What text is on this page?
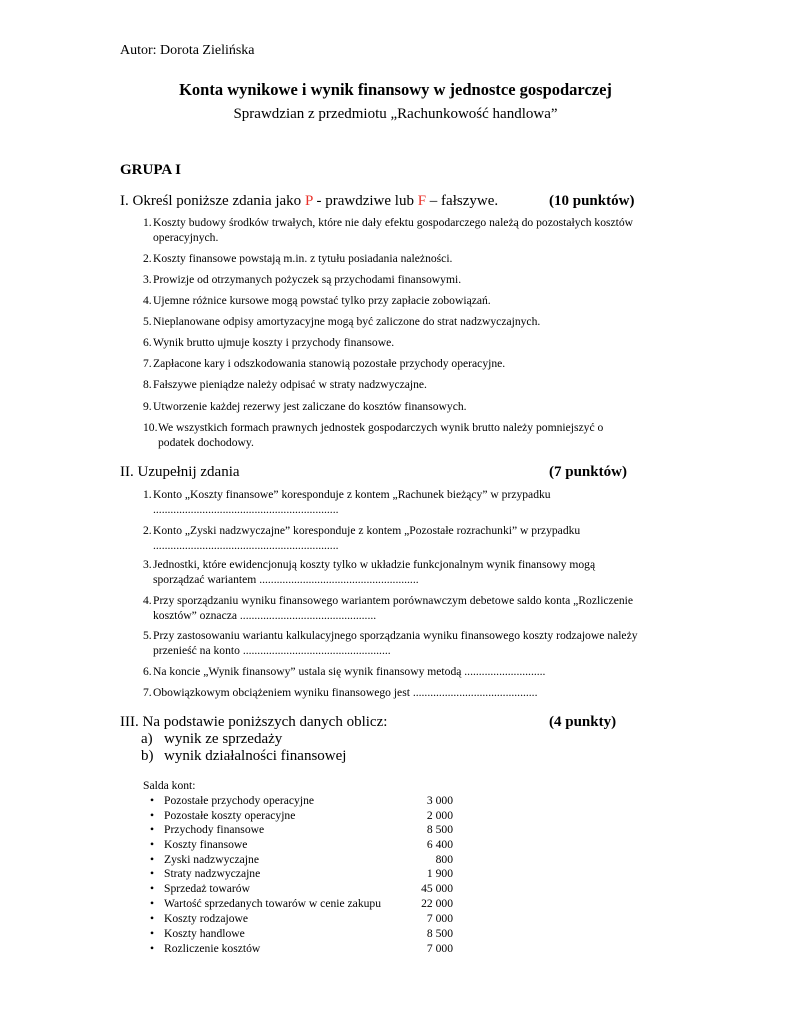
Autor: Dorota Zielińska
Konta wynikowe i wynik finansowy w jednostce gospodarczej
Sprawdzian z przedmiotu „Rachunkowość handlowa”
GRUPA I
I. Określ poniższe zdania jako P - prawdziwe lub F – fałszywe.	(10 punktów)
1. Koszty budowy środków trwałych, które nie dały efektu gospodarczego należą do pozostałych kosztów
operacyjnych.
2. Koszty finansowe powstają m.in. z tytułu posiadania należności.
3. Prowizje od otrzymanych pożyczek są przychodami finansowymi.
4. Ujemne różnice kursowe mogą powstać tylko przy zapłacie zobowiązań.
5. Nieplanowane odpisy amortyzacyjne mogą być zaliczone do strat nadzwyczajnych.
6. Wynik brutto ujmuje koszty i przychody finansowe.
7. Zapłacone kary i odszkodowania stanowią pozostałe przychody operacyjne.
8. Fałszywe pieniądze należy odpisać w straty nadzwyczajne.
9. Utworzenie każdej rezerwy jest zaliczane do kosztów finansowych.
10. We wszystkich formach prawnych jednostek gospodarczych wynik brutto należy pomniejszyć o
podatek dochodowy.
II. Uzupełnij zdania	(7 punktów)
1. Konto „Koszty finansowe” koresponduje z kontem „Rachunek bieżący” w przypadku
................................................................
2. Konto „Zyski nadzwyczajne” koresponduje z kontem „Pozostałe rozrachunki” w przypadku
................................................................
3. Jednostki, które ewidencjonują koszty tylko w układzie funkcjonalnym wynik finansowy mogą
sporządzać wariantem .......................................................
4. Przy sporządzaniu wyniku finansowego wariantem porównawczym debetowe saldo konta „Rozliczenie
kosztów” oznacza ...............................................
5. Przy zastosowaniu wariantu kalkulacyjnego sporządzania wyniku finansowego koszty rodzajowe należy
przenieść na konto ...................................................
6. Na koncie „Wynik finansowy” ustala się wynik finansowy metodą ............................
7. Obowiązkowym obciążeniem wyniku finansowego jest ...........................................
III. Na podstawie poniższych danych oblicz:	(4 punkty)
a) wynik ze sprzedaży
b) wynik działalności finansowej
Salda kont:
• Pozostałe przychody operacyjne	3 000
• Pozostałe koszty operacyjne	2 000
• Przychody finansowe	8 500
• Koszty finansowe	6 400
• Zyski nadzwyczajne	800
• Straty nadzwyczajne	1 900
• Sprzedaż towarów	45 000
• Wartość sprzedanych towarów w cenie zakupu	22 000
• Koszty rodzajowe	7 000
• Koszty handlowe	8 500
• Rozliczenie kosztów	7 000
